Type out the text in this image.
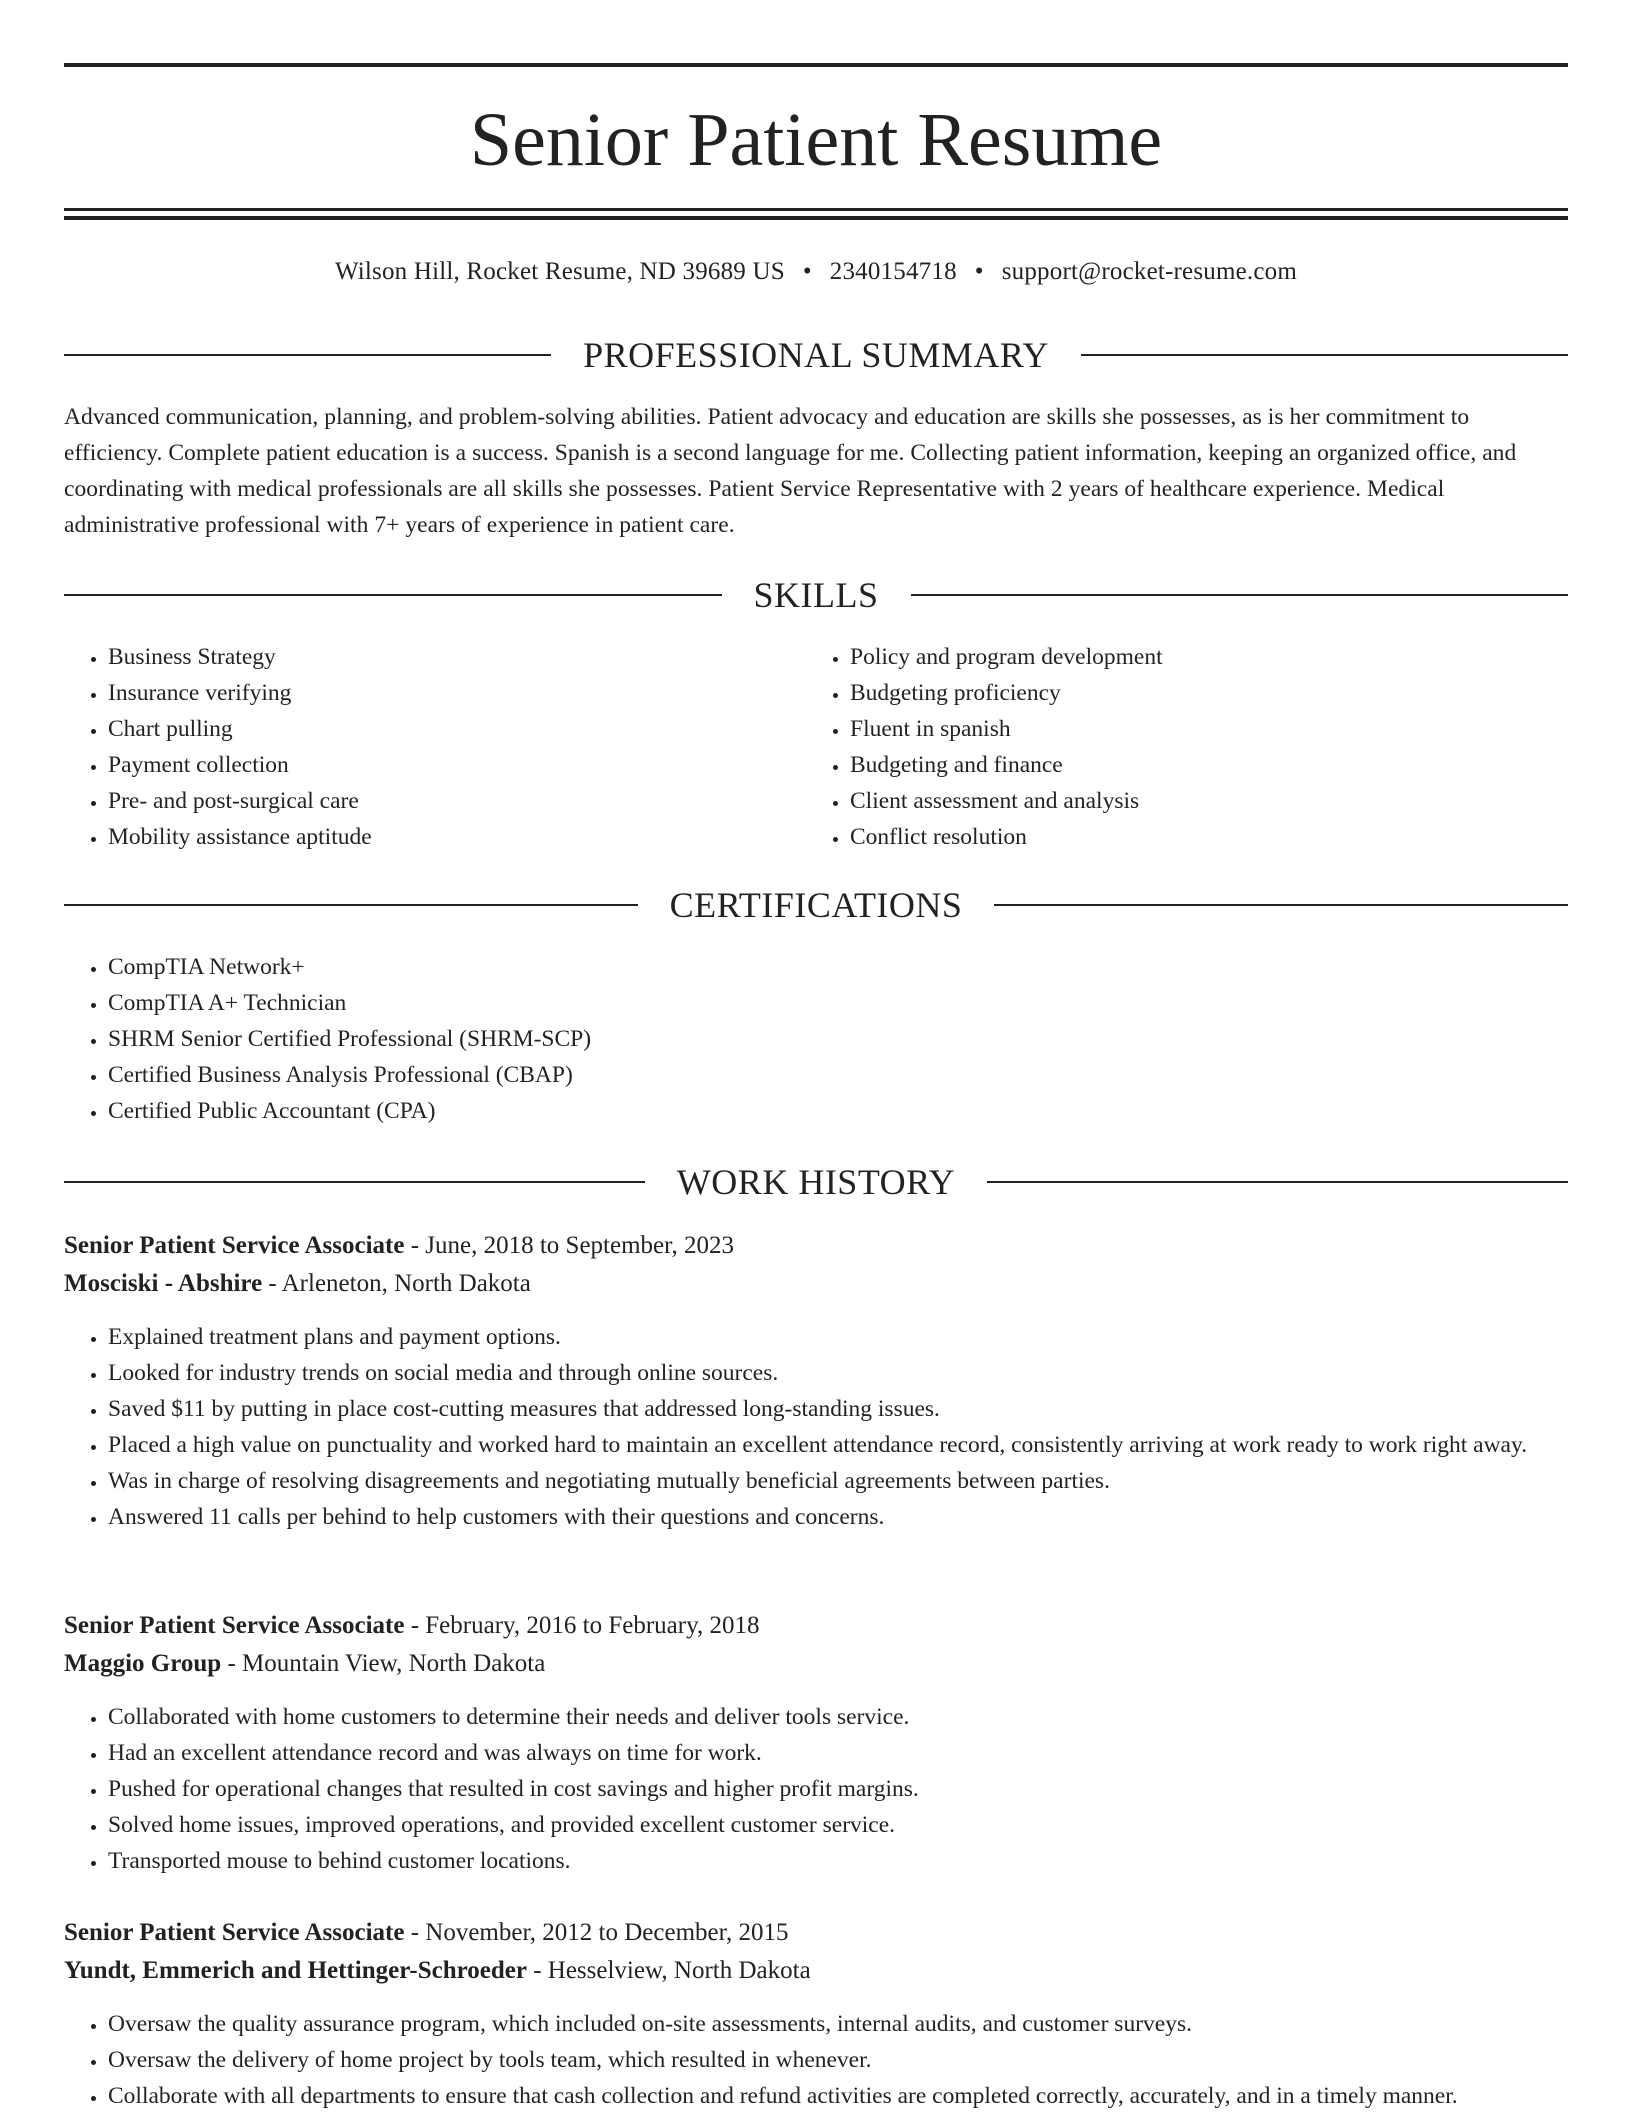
Senior Patient Resume
Wilson Hill, Rocket Resume, ND 39689 US • 2340154718 • support@rocket-resume.com
PROFESSIONAL SUMMARY

Advanced communication, planning, and problem-solving abilities. Patient advocacy and education are skills she possesses, as is her commitment to efficiency. Complete patient education is a success. Spanish is a second language for me. Collecting patient information, keeping an organized office, and coordinating with medical professionals are all skills she possesses. Patient Service Representative with 2 years of healthcare experience. Medical administrative professional with 7+ years of experience in patient care.

SKILLS
• Business Strategy
• Insurance verifying
• Chart pulling
• Payment collection
• Pre- and post-surgical care
• Mobility assistance aptitude
• Policy and program development
• Budgeting proficiency
• Fluent in spanish
• Budgeting and finance
• Client assessment and analysis
• Conflict resolution
CERTIFICATIONS
• CompTIA Network+
• CompTIA A+ Technician
• SHRM Senior Certified Professional (SHRM-SCP)
• Certified Business Analysis Professional (CBAP)
• Certified Public Accountant (CPA)
WORK HISTORY
Senior Patient Service Associate - June, 2018 to September, 2023
Mosciski - Abshire - Arleneton, North Dakota
• Explained treatment plans and payment options.
• Looked for industry trends on social media and through online sources.
• Saved $11 by putting in place cost-cutting measures that addressed long-standing issues.
• Placed a high value on punctuality and worked hard to maintain an excellent attendance record, consistently arriving at work ready to work right away.
• Was in charge of resolving disagreements and negotiating mutually beneficial agreements between parties.
• Answered 11 calls per behind to help customers with their questions and concerns.
Senior Patient Service Associate - February, 2016 to February, 2018
Maggio Group - Mountain View, North Dakota
• Collaborated with home customers to determine their needs and deliver tools service.
• Had an excellent attendance record and was always on time for work.
• Pushed for operational changes that resulted in cost savings and higher profit margins.
• Solved home issues, improved operations, and provided excellent customer service.
• Transported mouse to behind customer locations.
Senior Patient Service Associate - November, 2012 to December, 2015
Yundt, Emmerich and Hettinger-Schroeder - Hesselview, North Dakota
• Oversaw the quality assurance program, which included on-site assessments, internal audits, and customer surveys.
• Oversaw the delivery of home project by tools team, which resulted in whenever.
• Collaborate with all departments to ensure that cash collection and refund activities are completed correctly, accurately, and in a timely manner.
